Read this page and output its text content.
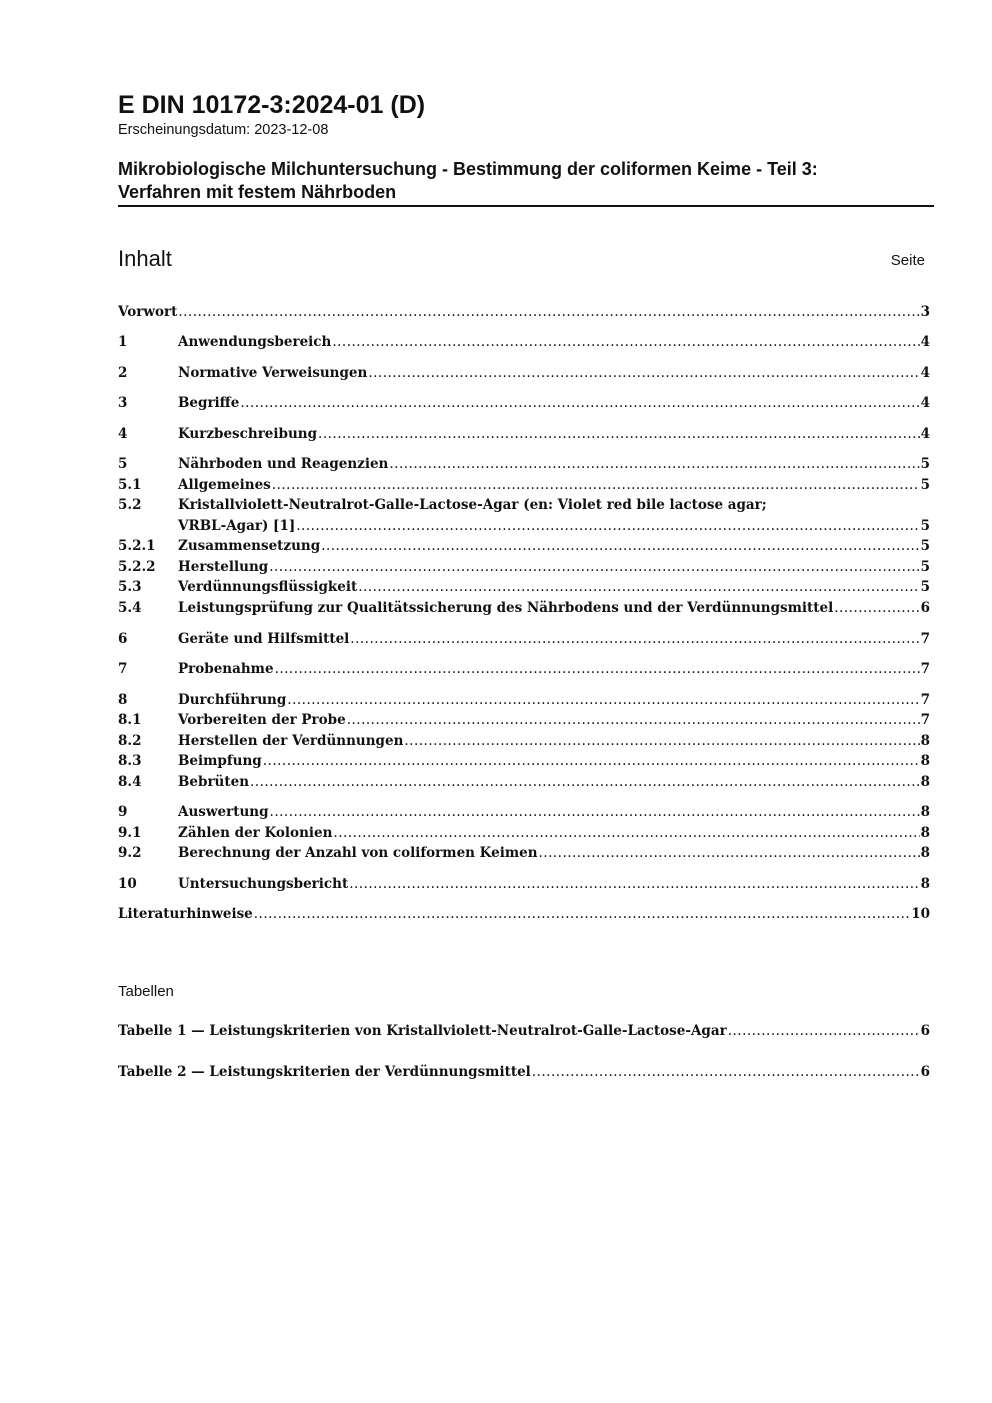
E DIN 10172-3:2024-01 (D)
Erscheinungsdatum: 2023-12-08
Mikrobiologische Milchuntersuchung - Bestimmung der coliformen Keime - Teil 3:
Verfahren mit festem Nährboden
Inhalt	Seite
Vorwort .....	3
1	Anwendungsbereich .....	4
2	Normative Verweisungen .....	4
3	Begriffe .....	4
4	Kurzbeschreibung .....	4
5	Nährboden und Reagenzien .....	5
5.1	Allgemeines .....	5
5.2	Kristallviolett-Neutralrot-Galle-Lactose-Agar (en: Violet red bile lactose agar;
VRBL-Agar) [1] .....	5
5.2.1 Zusammensetzung .....	5
5.2.2 Herstellung .....	5
5.3	Verdünnungsflüssigkeit .....	5
5.4	Leistungsprüfung zur Qualitätssicherung des Nährbodens und der Verdünnungsmittel .....	6
6	Geräte und Hilfsmittel .....	7
7	Probenahme .....	7
8	Durchführung .....	7
8.1	Vorbereiten der Probe .....	7
8.2	Herstellen der Verdünnungen .....	8
8.3	Beimpfung .....	8
8.4	Bebrüten .....	8
9	Auswertung .....	8
9.1	Zählen der Kolonien .....	8
9.2	Berechnung der Anzahl von coliformen Keimen .....	8
10	Untersuchungsbericht .....	8
Literaturhinweise .....	10
Tabellen
Tabelle 1 — Leistungskriterien von Kristallviolett-Neutralrot-Galle-Lactose-Agar .....	6
Tabelle 2 — Leistungskriterien der Verdünnungsmittel .....	6
